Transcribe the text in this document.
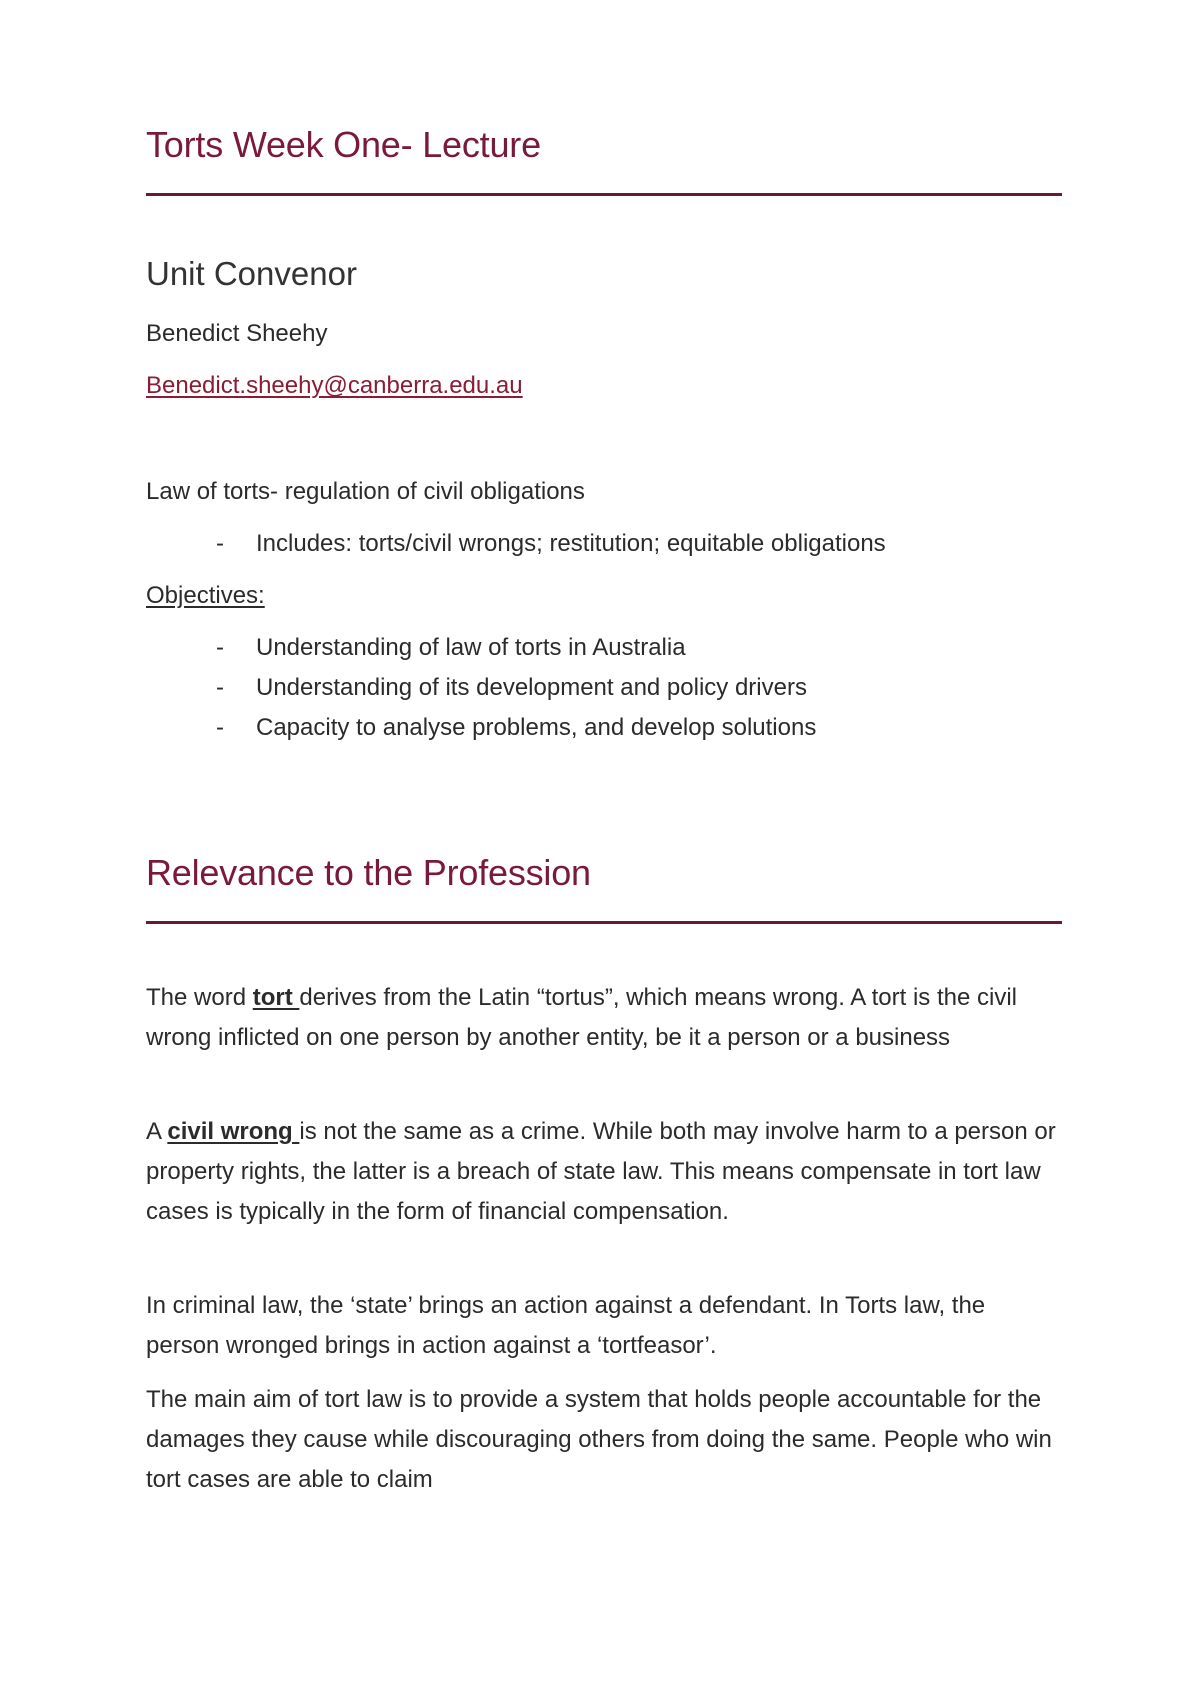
Torts Week One- Lecture
Unit Convenor
Benedict Sheehy
Benedict.sheehy@canberra.edu.au
Law of torts- regulation of civil obligations
- Includes: torts/civil wrongs; restitution; equitable obligations
Objectives:
- Understanding of law of torts in Australia
- Understanding of its development and policy drivers
- Capacity to analyse problems, and develop solutions
Relevance to the Profession

The word tort derives from the Latin “tortus”, which means wrong. A tort is the civil wrong inflicted on one person by another entity, be it a person or a business

A civil wrong is not the same as a crime. While both may involve harm to a person or property rights, the latter is a breach of state law. This means compensate in tort law cases is typically in the form of financial compensation.

In criminal law, the ‘state’ brings an action against a defendant. In Torts law, the person wronged brings in action against a ‘tortfeasor’.

The main aim of tort law is to provide a system that holds people accountable for the damages they cause while discouraging others from doing the same. People who win tort cases are able to claim
